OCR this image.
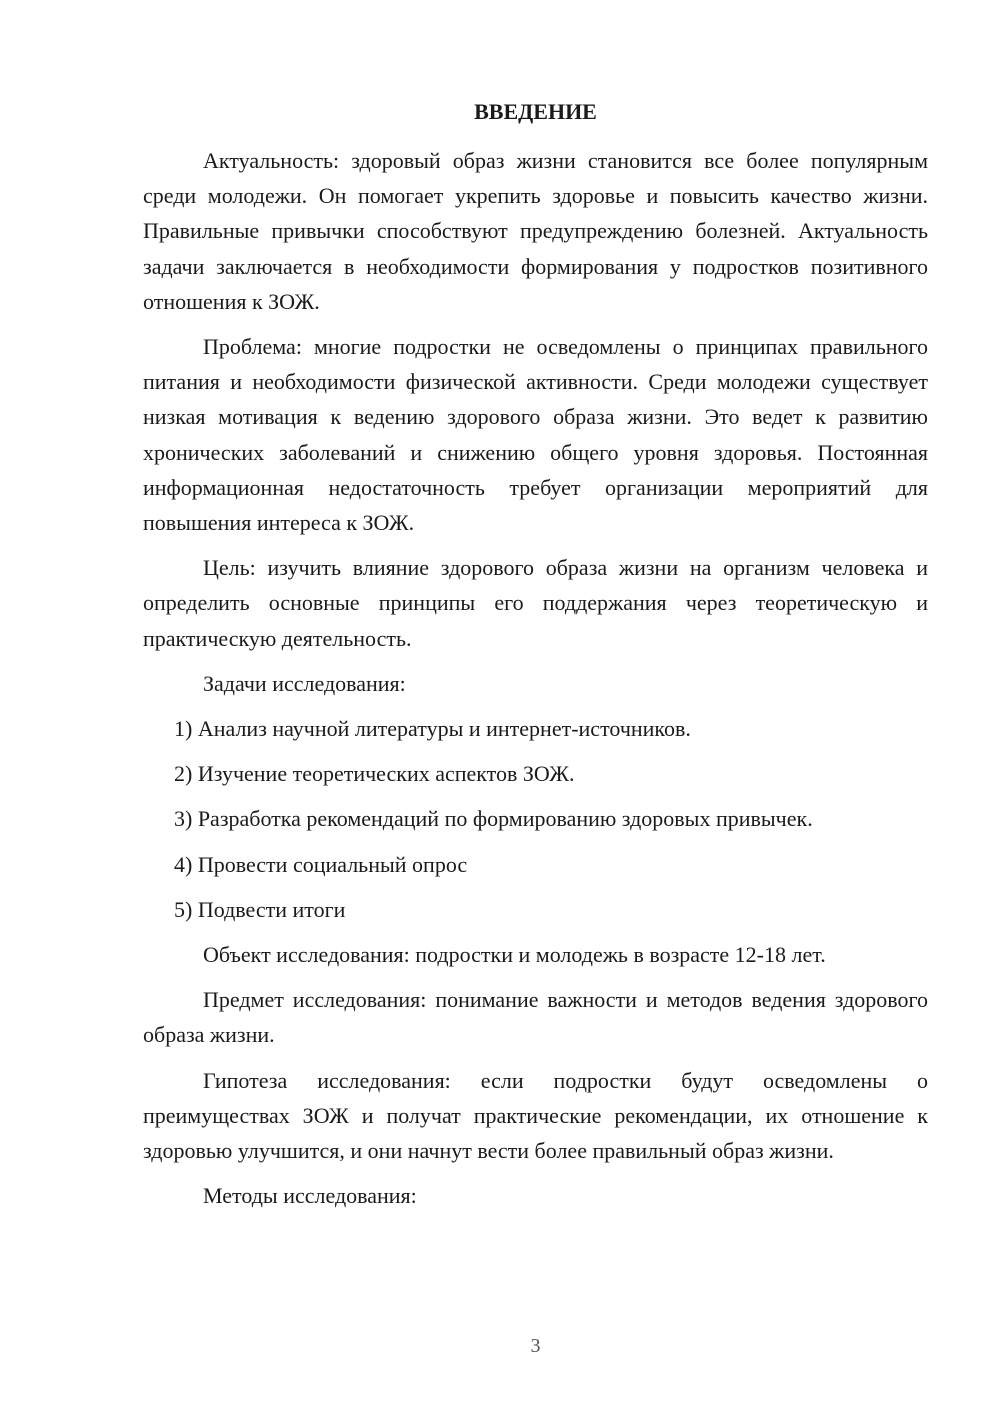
ВВЕДЕНИЕ

Актуальность: здоровый образ жизни становится все более популярным среди молодежи. Он помогает укрепить здоровье и повысить качество жизни. Правильные привычки способствуют предупреждению болезней. Актуальность задачи заключается в необходимости формирования у подростков позитивного отношения к ЗОЖ.

Проблема: многие подростки не осведомлены о принципах правильного питания и необходимости физической активности. Среди молодежи существует низкая мотивация к ведению здорового образа жизни. Это ведет к развитию хронических заболеваний и снижению общего уровня здоровья. Постоянная информационная недостаточность требует организации мероприятий для повышения интереса к ЗОЖ.

Цель: изучить влияние здорового образа жизни на организм человека и определить основные принципы его поддержания через теоретическую и практическую деятельность.

Задачи исследования:

1) Анализ научной литературы и интернет-источников.

2) Изучение теоретических аспектов ЗОЖ.

3) Разработка рекомендаций по формированию здоровых привычек.

4) Провести социальный опрос

5) Подвести итоги

Объект исследования: подростки и молодежь в возрасте 12-18 лет.

Предмет исследования: понимание важности и методов ведения здорового образа жизни.

Гипотеза исследования: если подростки будут осведомлены о преимуществах ЗОЖ и получат практические рекомендации, их отношение к здоровью улучшится, и они начнут вести более правильный образ жизни.

Методы исследования:

3
